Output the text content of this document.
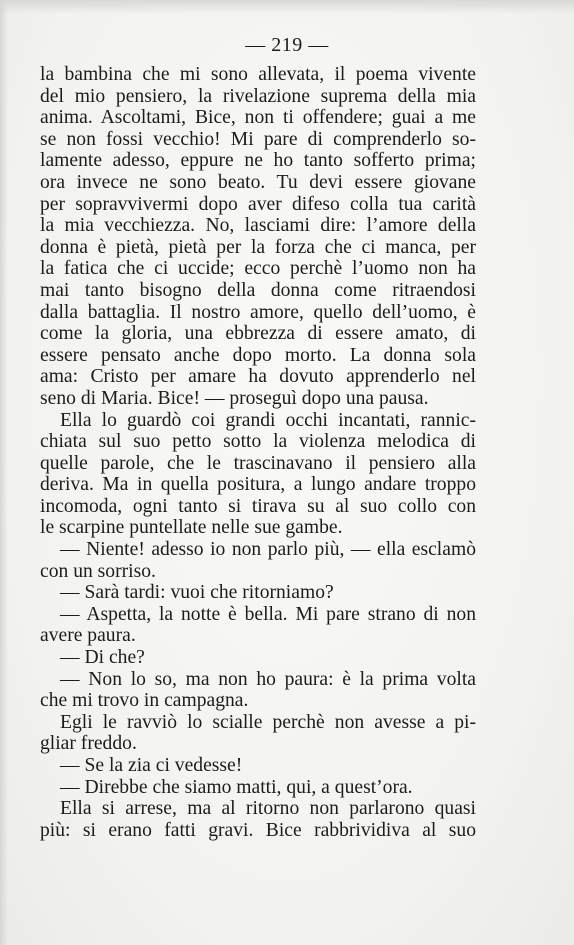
— 219 —
la bambina che mi sono allevata, il poema vivente
del mio pensiero, la rivelazione suprema della mia
anima. Ascoltami, Bice, non ti offendere; guai a me
se non fossi vecchio! Mi pare di comprenderlo so-
lamente adesso, eppure ne ho tanto sofferto prima;
ora invece ne sono beato. Tu devi essere giovane
per sopravvivermi dopo aver difeso colla tua carità
la mia vecchiezza. No, lasciami dire: l’amore della
donna è pietà, pietà per la forza che ci manca, per
la fatica che ci uccide; ecco perchè l’uomo non ha
mai tanto bisogno della donna come ritraendosi
dalla battaglia. Il nostro amore, quello dell’uomo, è
come la gloria, una ebbrezza di essere amato, di
essere pensato anche dopo morto. La donna sola
ama: Cristo per amare ha dovuto apprenderlo nel
seno di Maria. Bice! — proseguì dopo una pausa.
Ella lo guardò coi grandi occhi incantati, rannic-
chiata sul suo petto sotto la violenza melodica di
quelle parole, che le trascinavano il pensiero alla
deriva. Ma in quella positura, a lungo andare troppo
incomoda, ogni tanto si tirava su al suo collo con
le scarpine puntellate nelle sue gambe.
— Niente! adesso io non parlo più, — ella esclamò
con un sorriso.
— Sarà tardi: vuoi che ritorniamo?
— Aspetta, la notte è bella. Mi pare strano di non
avere paura.
— Di che?
— Non lo so, ma non ho paura: è la prima volta
che mi trovo in campagna.
Egli le ravviò lo scialle perchè non avesse a pi-
gliar freddo.
— Se la zia ci vedesse!
— Direbbe che siamo matti, qui, a quest’ora.
Ella si arrese, ma al ritorno non parlarono quasi
più: si erano fatti gravi. Bice rabbrividiva al suo
